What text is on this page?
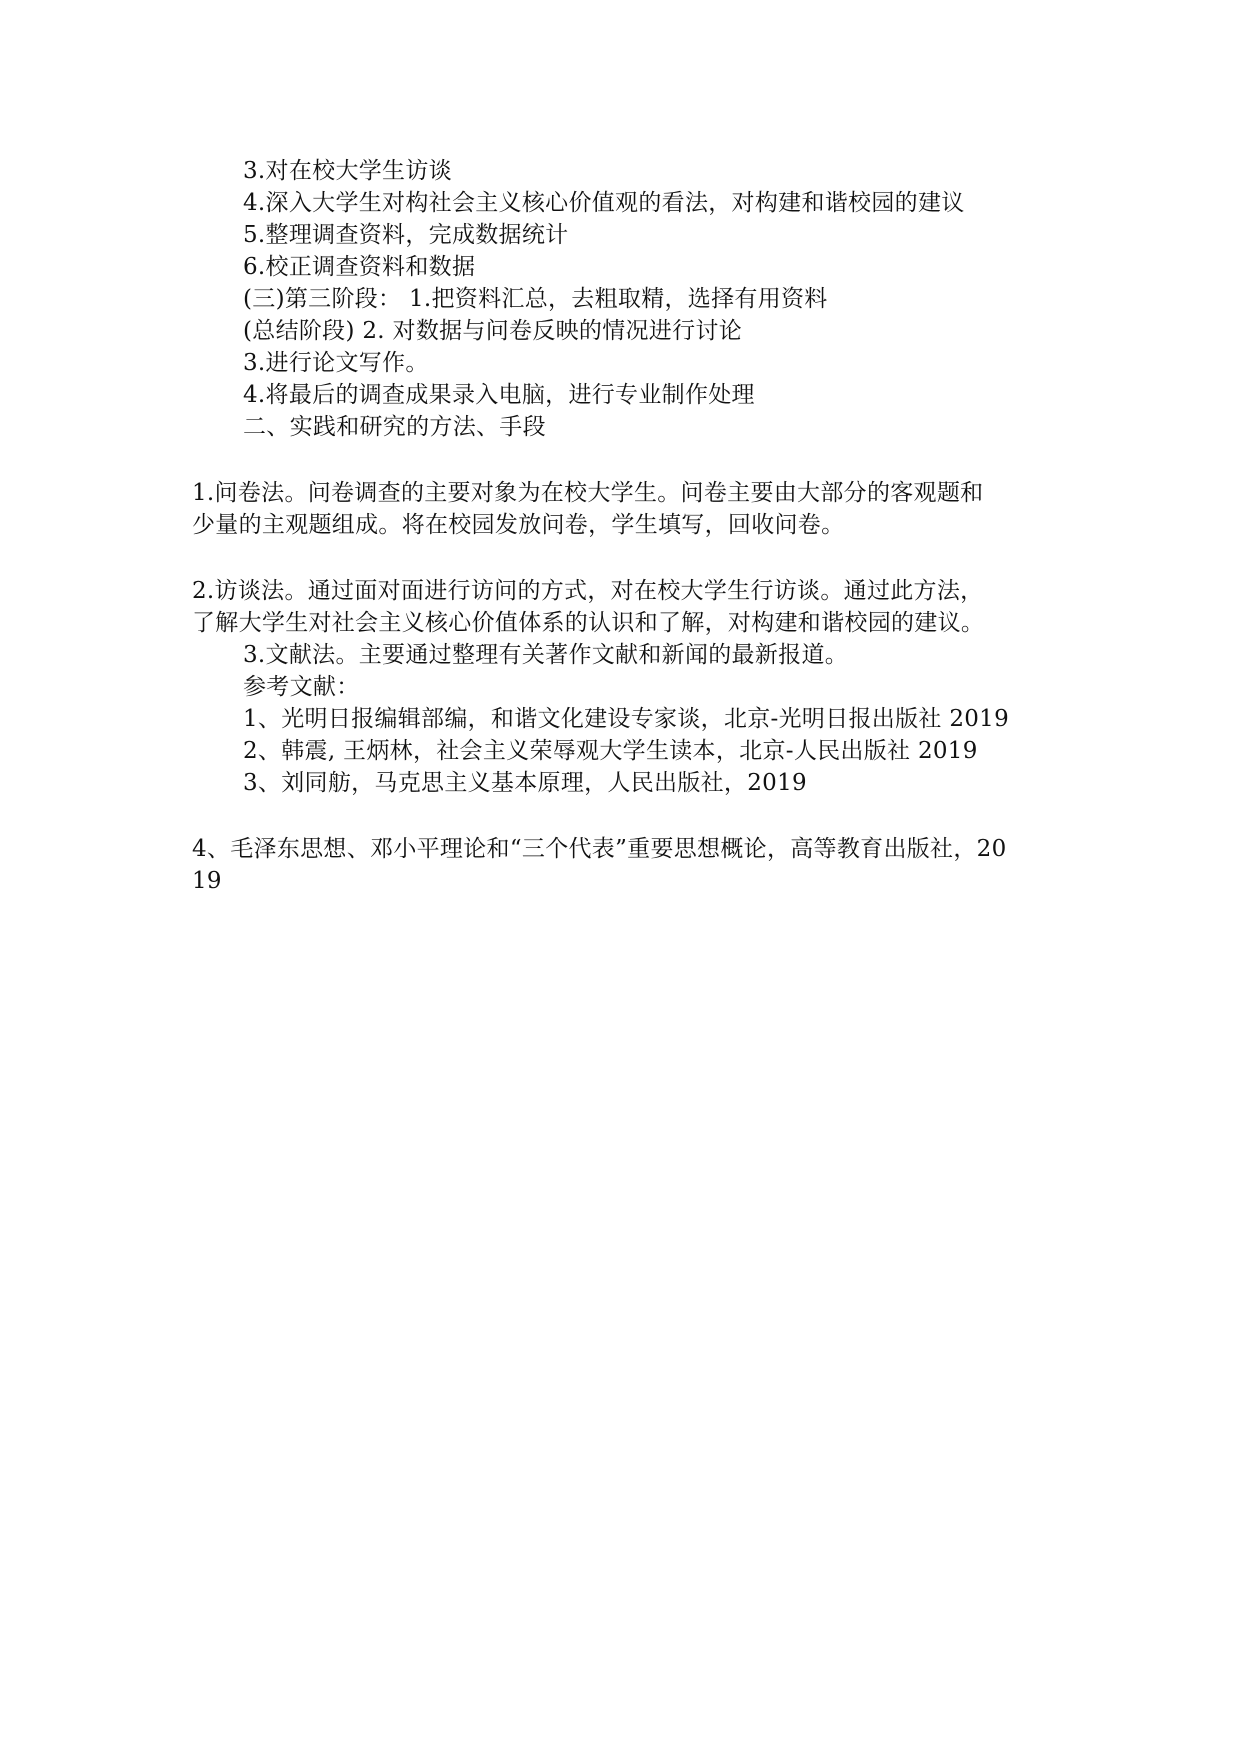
3.对在校大学生访谈
4.深入大学生对构社会主义核心价值观的看法，对构建和谐校园的建议
5.整理调查资料，完成数据统计
6.校正调查资料和数据
(三)第三阶段： 1.把资料汇总，去粗取精，选择有用资料
(总结阶段) 2. 对数据与问卷反映的情况进行讨论
3.进行论文写作。
4.将最后的调查成果录入电脑，进行专业制作处理
二、实践和研究的方法、手段
1.问卷法。问卷调查的主要对象为在校大学生。问卷主要由大部分的客观题和
少量的主观题组成。将在校园发放问卷，学生填写，回收问卷。
2.访谈法。通过面对面进行访问的方式，对在校大学生行访谈。通过此方法，
了解大学生对社会主义核心价值体系的认识和了解，对构建和谐校园的建议。
3.文献法。主要通过整理有关著作文献和新闻的最新报道。
参考文献：
1、光明日报编辑部编，和谐文化建设专家谈，北京-光明日报出版社 2019
2、韩震, 王炳林，社会主义荣辱观大学生读本，北京-人民出版社 2019
3、刘同舫，马克思主义基本原理，人民出版社，2019
4、毛泽东思想、邓小平理论和“三个代表”重要思想概论，高等教育出版社，20
19
